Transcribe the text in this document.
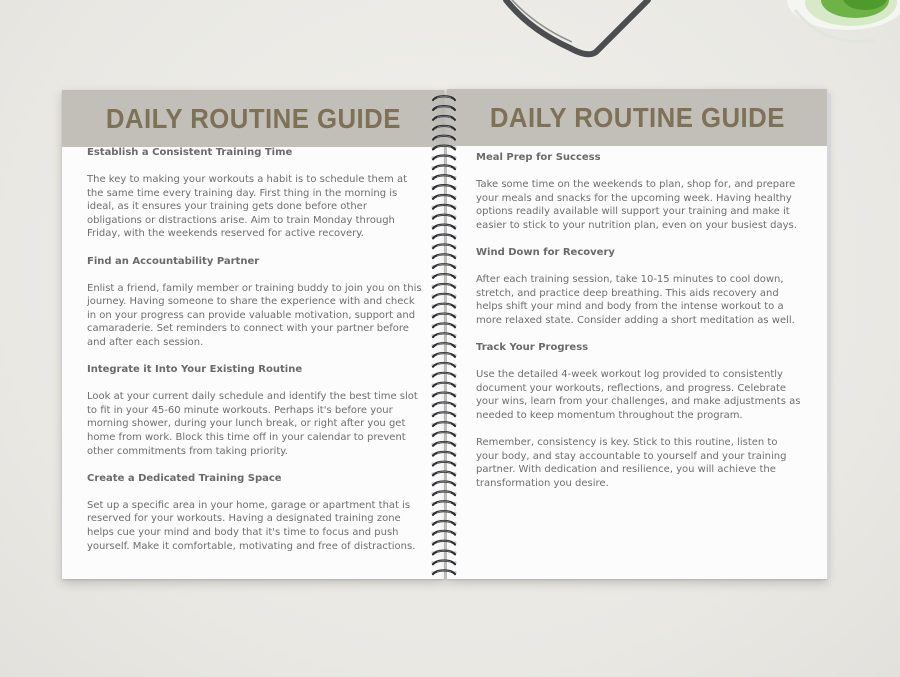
DAILY ROUTINE GUIDE
Establish a Consistent Training Time
The key to making your workouts a habit is to schedule them at the same time every training day. First thing in the morning is ideal, as it ensures your training gets done before other obligations or distractions arise. Aim to train Monday through Friday, with the weekends reserved for active recovery.
Find an Accountability Partner
Enlist a friend, family member or training buddy to join you on this journey. Having someone to share the experience with and check in on your progress can provide valuable motivation, support and camaraderie. Set reminders to connect with your partner before and after each session.
Integrate it Into Your Existing Routine
Look at your current daily schedule and identify the best time slot to fit in your 45-60 minute workouts. Perhaps it's before your morning shower, during your lunch break, or right after you get home from work. Block this time off in your calendar to prevent other commitments from taking priority.
Create a Dedicated Training Space
Set up a specific area in your home, garage or apartment that is reserved for your workouts. Having a designated training zone helps cue your mind and body that it's time to focus and push yourself. Make it comfortable, motivating and free of distractions.
DAILY ROUTINE GUIDE
Meal Prep for Success
Take some time on the weekends to plan, shop for, and prepare your meals and snacks for the upcoming week. Having healthy options readily available will support your training and make it easier to stick to your nutrition plan, even on your busiest days.
Wind Down for Recovery
After each training session, take 10-15 minutes to cool down, stretch, and practice deep breathing. This aids recovery and helps shift your mind and body from the intense workout to a more relaxed state. Consider adding a short meditation as well.
Track Your Progress
Use the detailed 4-week workout log provided to consistently document your workouts, reflections, and progress. Celebrate your wins, learn from your challenges, and make adjustments as needed to keep momentum throughout the program.
Remember, consistency is key. Stick to this routine, listen to your body, and stay accountable to yourself and your training partner. With dedication and resilience, you will achieve the transformation you desire.
